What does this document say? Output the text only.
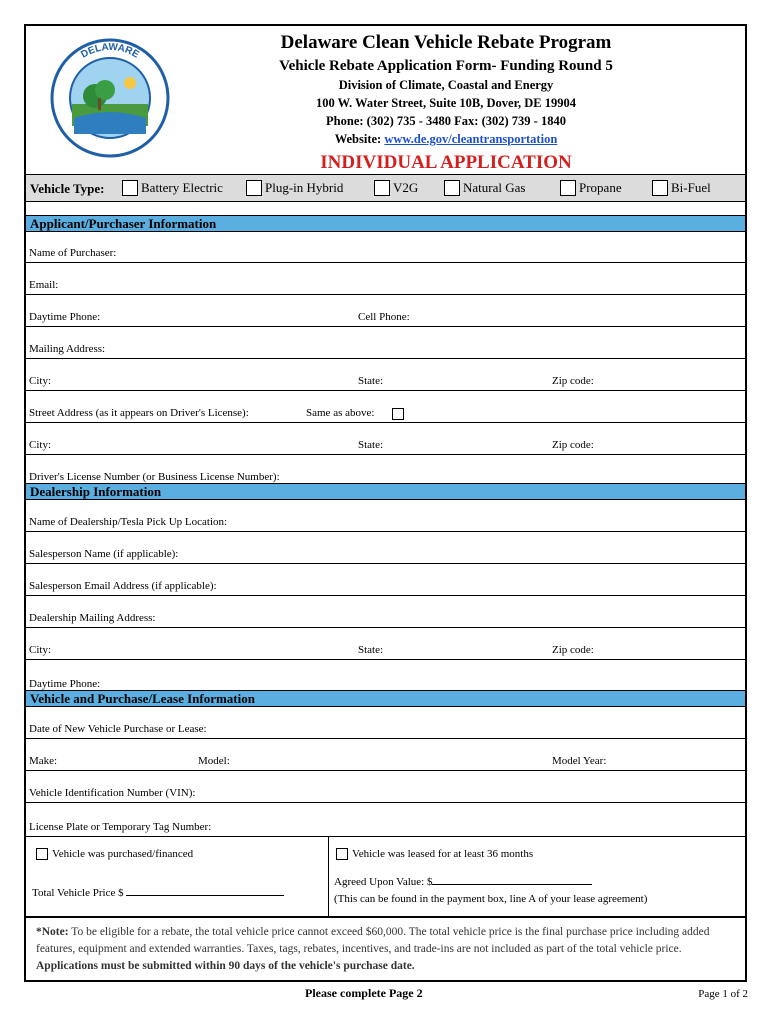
DELAWARE
Delaware Clean Vehicle Rebate Program
Vehicle Rebate Application Form- Funding Round 5
Division of Climate, Coastal and Energy
100 W. Water Street, Suite 10B, Dover, DE 19904
Phone: (302) 735 - 3480 Fax: (302) 739 - 1840
Website: www.de.gov/cleantransportation
INDIVIDUAL APPLICATION
Vehicle Type:	Battery Electric	Plug-in Hybrid	V2G	Natural Gas	Propane	Bi-Fuel
Applicant/Purchaser Information
Name of Purchaser:
Email:
Daytime Phone:	Cell Phone:
Mailing Address:
City:	State:	Zip code:
Street Address (as it appears on Driver's License):	Same as above:
City:	State:	Zip code:
Driver's License Number (or Business License Number):
Dealership Information
Name of Dealership/Tesla Pick Up Location:
Salesperson Name (if applicable):
Salesperson Email Address (if applicable):
Dealership Mailing Address:
City:	State:	Zip code:
Daytime Phone:
Vehicle and Purchase/Lease Information
Date of New Vehicle Purchase or Lease:
Make:	Model:	Model Year:
Vehicle Identification Number (VIN):
License Plate or Temporary Tag Number:
Vehicle was purchased/financed
Total Vehicle Price $
Vehicle was leased for at least 36 months
Agreed Upon Value: $
(This can be found in the payment box, line A of your lease agreement)
*Note: To be eligible for a rebate, the total vehicle price cannot exceed $60,000. The total vehicle price is the final purchase price including added features, equipment and extended warranties. Taxes, tags, rebates, incentives, and trade-ins are not included as part of the total vehicle price. Applications must be submitted within 90 days of the vehicle's purchase date.
Please complete Page 2	Page 1 of 2
